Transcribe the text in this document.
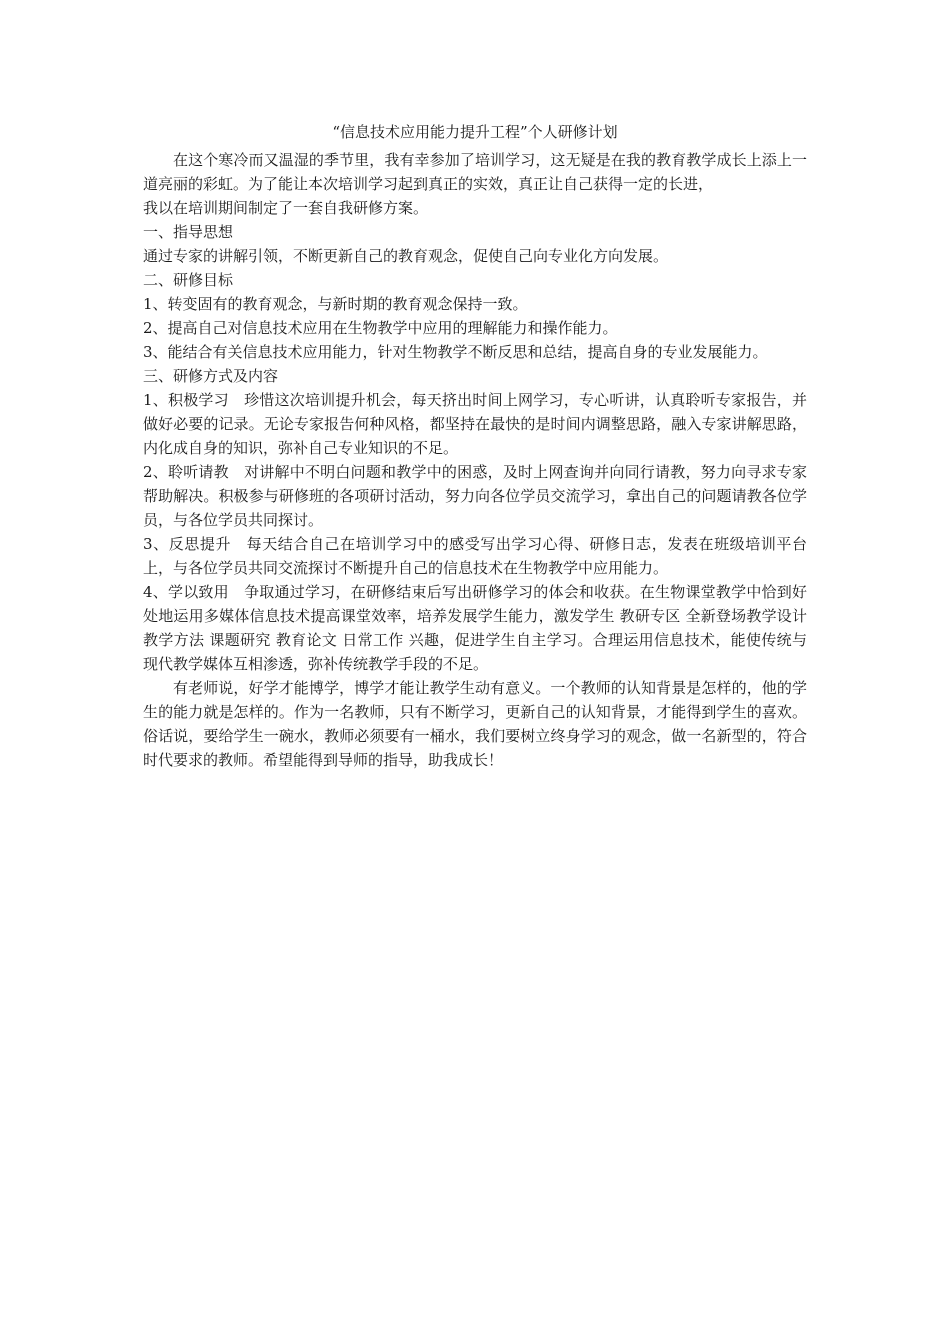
“信息技术应用能力提升工程”个人研修计划

在这个寒冷而又温湿的季节里，我有幸参加了培训学习，这无疑是在我的教育教学成长上添上一道亮丽的彩虹。为了能让本次培训学习起到真正的实效，真正让自己获得一定的长进，

我以在培训期间制定了一套自我研修方案。

一、指导思想

通过专家的讲解引领，不断更新自己的教育观念，促使自己向专业化方向发展。

二、研修目标

1、转变固有的教育观念，与新时期的教育观念保持一致。

2、提高自己对信息技术应用在生物教学中应用的理解能力和操作能力。

3、能结合有关信息技术应用能力，针对生物教学不断反思和总结，提高自身的专业发展能力。

三、研修方式及内容

1、积极学习　珍惜这次培训提升机会，每天挤出时间上网学习，专心听讲，认真聆听专家报告，并做好必要的记录。无论专家报告何种风格，都坚持在最快的是时间内调整思路，融入专家讲解思路，内化成自身的知识，弥补自己专业知识的不足。

2、聆听请教　对讲解中不明白问题和教学中的困惑，及时上网查询并向同行请教，努力向寻求专家帮助解决。积极参与研修班的各项研讨活动，努力向各位学员交流学习，拿出自己的问题请教各位学员，与各位学员共同探讨。

3、反思提升　每天结合自己在培训学习中的感受写出学习心得、研修日志，发表在班级培训平台上，与各位学员共同交流探讨不断提升自己的信息技术在生物教学中应用能力。

4、学以致用　争取通过学习，在研修结束后写出研修学习的体会和收获。在生物课堂教学中恰到好处地运用多媒体信息技术提高课堂效率，培养发展学生能力，激发学生 教研专区 全新登场教学设计 教学方法 课题研究 教育论文 日常工作 兴趣，促进学生自主学习。合理运用信息技术，能使传统与现代教学媒体互相渗透，弥补传统教学手段的不足。

有老师说，好学才能博学，博学才能让教学生动有意义。一个教师的认知背景是怎样的，他的学生的能力就是怎样的。作为一名教师，只有不断学习，更新自己的认知背景，才能得到学生的喜欢。俗话说，要给学生一碗水，教师必须要有一桶水，我们要树立终身学习的观念，做一名新型的，符合时代要求的教师。希望能得到导师的指导，助我成长！
